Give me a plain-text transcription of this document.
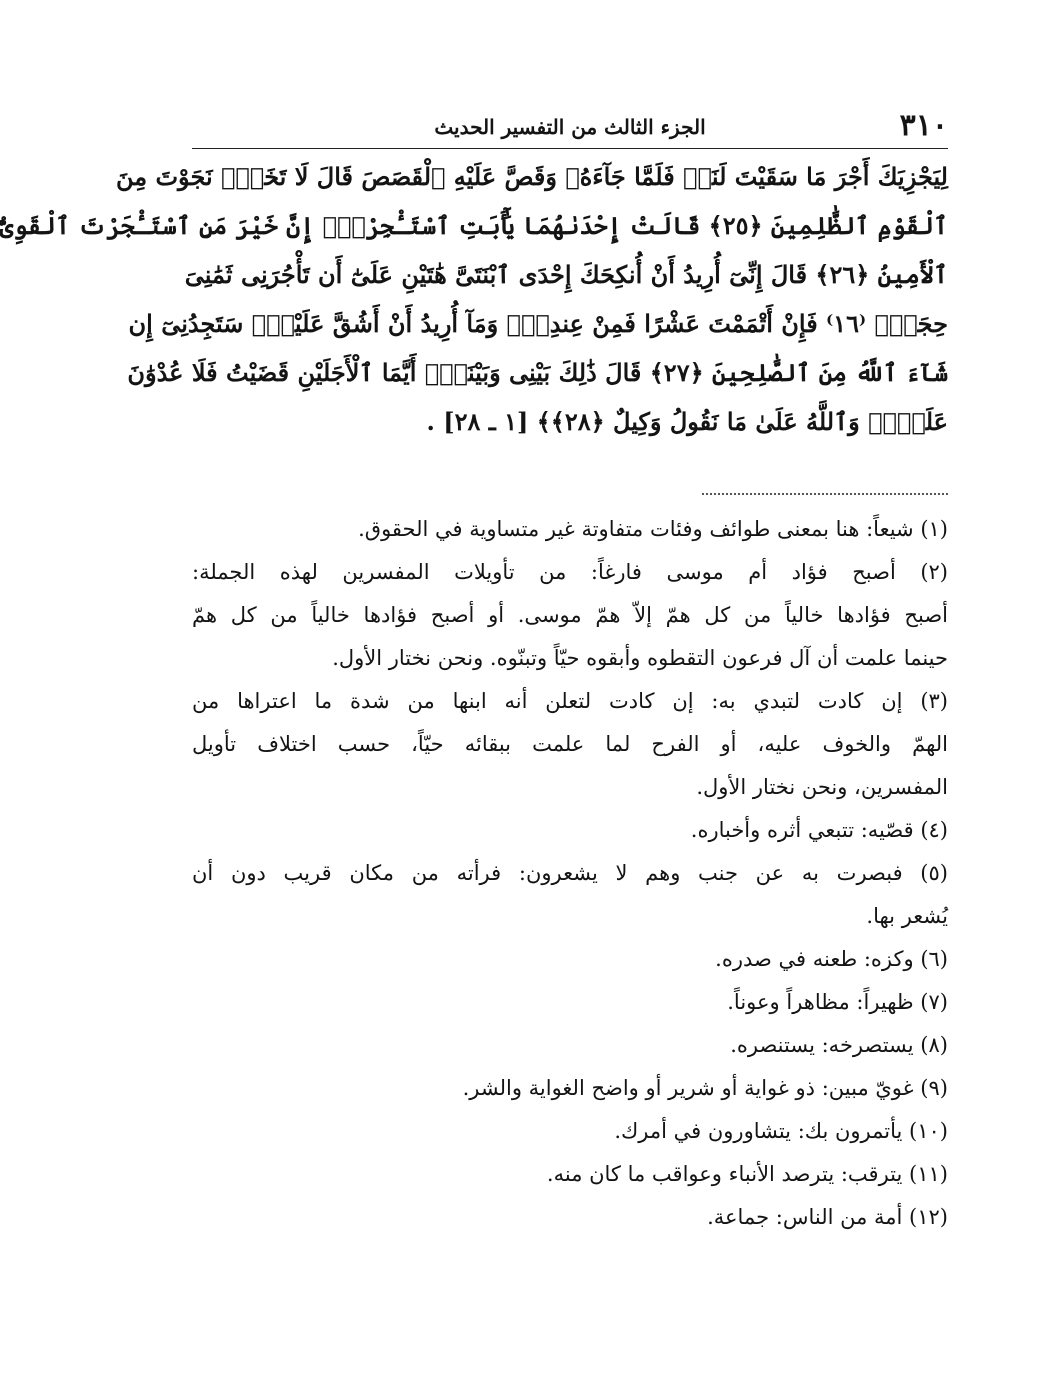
٣١٠
الجزء الثالث من التفسير الحديث
لِيَجْزِيَكَ أَجْرَ مَا سَقَيْتَ لَنَاۚ فَلَمَّا جَآءَهُۥ وَقَصَّ عَلَيْهِ ٱلْقَصَصَ قَالَ لَا تَخَفْۖ نَجَوْتَ مِنَ
ٱلْقَوْمِ ٱلظَّٰلِمِينَ ﴿٢٥﴾ قَالَتْ إِحْدَىٰهُمَا يَٰٓأَبَتِ ٱسْتَـْٔجِرْهُۖ إِنَّ خَيْرَ مَنِ ٱسْتَـْٔجَرْتَ ٱلْقَوِىُّ
ٱلْأَمِينُ ﴿٢٦﴾ قَالَ إِنِّىٓ أُرِيدُ أَنْ أُنكِحَكَ إِحْدَى ٱبْنَتَىَّ هَٰتَيْنِ عَلَىٰٓ أَن تَأْجُرَنِى ثَمَٰنِىَ
حِجَجٍۖ ⁽١٦⁾ فَإِنْ أَتْمَمْتَ عَشْرًا فَمِنْ عِندِكَۖ وَمَآ أُرِيدُ أَنْ أَشُقَّ عَلَيْكَۚ سَتَجِدُنِىٓ إِن
شَآءَ ٱللَّهُ مِنَ ٱلصَّٰلِحِينَ ﴿٢٧﴾ قَالَ ذَٰلِكَ بَيْنِى وَبَيْنَكَۖ أَيَّمَا ٱلْأَجَلَيْنِ قَضَيْتُ فَلَا عُدْوَٰنَ
عَلَىَّۖ وَٱللَّهُ عَلَىٰ مَا نَقُولُ وَكِيلٌ ﴿٢٨﴾﴾ [١ ـ ٢٨] .
(١) شيعاً: هنا بمعنى طوائف وفئات متفاوتة غير متساوية في الحقوق.
(٢) أصبح فؤاد أم موسى فارغاً: من تأويلات المفسرين لهذه الجملة:
أصبح فؤادها خالياً من كل همّ إلاّ همّ موسى. أو أصبح فؤادها خالياً من كل همّ
حينما علمت أن آل فرعون التقطوه وأبقوه حيّاً وتبنّوه. ونحن نختار الأول.
(٣) إن كادت لتبدي به: إن كادت لتعلن أنه ابنها من شدة ما اعتراها من
الهمّ والخوف عليه، أو الفرح لما علمت ببقائه حيّاً، حسب اختلاف تأويل
المفسرين، ونحن نختار الأول.
(٤) قصّيه: تتبعي أثره وأخباره.
(٥) فبصرت به عن جنب وهم لا يشعرون: فرأته من مكان قريب دون أن
يُشعر بها.
(٦) وكزه: طعنه في صدره.
(٧) ظهيراً: مظاهراً وعوناً.
(٨) يستصرخه: يستنصره.
(٩) غويّ مبين: ذو غواية أو شرير أو واضح الغواية والشر.
(١٠) يأتمرون بك: يتشاورون في أمرك.
(١١) يترقب: يترصد الأنباء وعواقب ما كان منه.
(١٢) أمة من الناس: جماعة.
